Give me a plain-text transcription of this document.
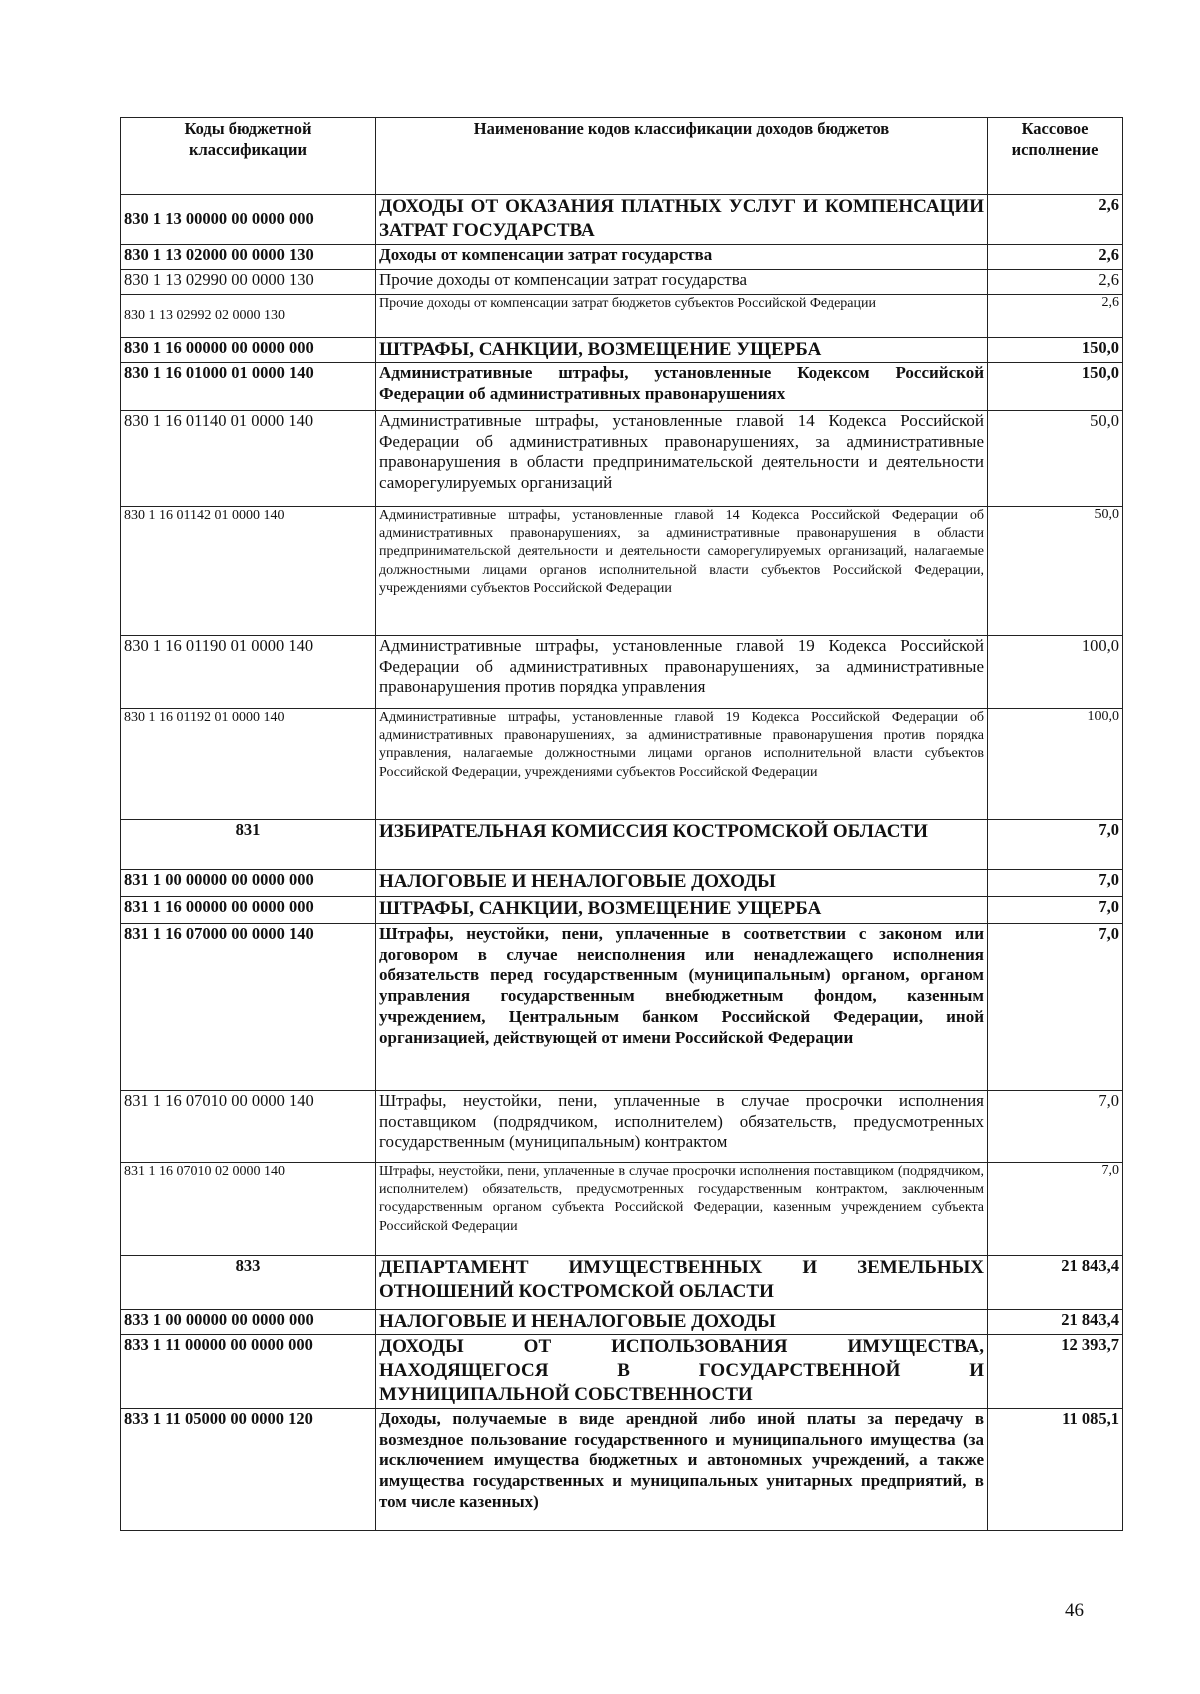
Коды бюджетной классификации	Наименование кодов классификации доходов бюджетов	Кассовое исполнение
830 1 13 00000 00 0000 000	ДОХОДЫ ОТ ОКАЗАНИЯ ПЛАТНЫХ УСЛУГ И КОМПЕНСАЦИИ ЗАТРАТ ГОСУДАРСТВА	2,6
830 1 13 02000 00 0000 130	Доходы от компенсации затрат государства	2,6
830 1 13 02990 00 0000 130	Прочие доходы от компенсации затрат государства	2,6
830 1 13 02992 02 0000 130	Прочие доходы от компенсации затрат бюджетов субъектов Российской Федерации	2,6
830 1 16 00000 00 0000 000	ШТРАФЫ, САНКЦИИ, ВОЗМЕЩЕНИЕ УЩЕРБА	150,0
830 1 16 01000 01 0000 140	Административные штрафы, установленные Кодексом Российской Федерации об административных правонарушениях	150,0
830 1 16 01140 01 0000 140	Административные штрафы, установленные главой 14 Кодекса Российской Федерации об административных правонарушениях, за административные правонарушения в области предпринимательской деятельности и деятельности саморегулируемых организаций	50,0
830 1 16 01142 01 0000 140	Административные штрафы, установленные главой 14 Кодекса Российской Федерации об административных правонарушениях, за административные правонарушения в области предпринимательской деятельности и деятельности саморегулируемых организаций, налагаемые должностными лицами органов исполнительной власти субъектов Российской Федерации, учреждениями субъектов Российской Федерации	50,0
830 1 16 01190 01 0000 140	Административные штрафы, установленные главой 19 Кодекса Российской Федерации об административных правонарушениях, за административные правонарушения против порядка управления	100,0
830 1 16 01192 01 0000 140	Административные штрафы, установленные главой 19 Кодекса Российской Федерации об административных правонарушениях, за административные правонарушения против порядка управления, налагаемые должностными лицами органов исполнительной власти субъектов Российской Федерации, учреждениями субъектов Российской Федерации	100,0
831	ИЗБИРАТЕЛЬНАЯ КОМИССИЯ КОСТРОМСКОЙ ОБЛАСТИ	7,0
831 1 00 00000 00 0000 000	НАЛОГОВЫЕ И НЕНАЛОГОВЫЕ ДОХОДЫ	7,0
831 1 16 00000 00 0000 000	ШТРАФЫ, САНКЦИИ, ВОЗМЕЩЕНИЕ УЩЕРБА	7,0
831 1 16 07000 00 0000 140	Штрафы, неустойки, пени, уплаченные в соответствии с законом или договором в случае неисполнения или ненадлежащего исполнения обязательств перед государственным (муниципальным) органом, органом управления государственным внебюджетным фондом, казенным учреждением, Центральным банком Российской Федерации, иной организацией, действующей от имени Российской Федерации	7,0
831 1 16 07010 00 0000 140	Штрафы, неустойки, пени, уплаченные в случае просрочки исполнения поставщиком (подрядчиком, исполнителем) обязательств, предусмотренных государственным (муниципальным) контрактом	7,0
831 1 16 07010 02 0000 140	Штрафы, неустойки, пени, уплаченные в случае просрочки исполнения поставщиком (подрядчиком, исполнителем) обязательств, предусмотренных государственным контрактом, заключенным государственным органом субъекта Российской Федерации, казенным учреждением субъекта Российской Федерации	7,0
833	ДЕПАРТАМЕНТ ИМУЩЕСТВЕННЫХ И ЗЕМЕЛЬНЫХ ОТНОШЕНИЙ КОСТРОМСКОЙ ОБЛАСТИ	21 843,4
833 1 00 00000 00 0000 000	НАЛОГОВЫЕ И НЕНАЛОГОВЫЕ ДОХОДЫ	21 843,4
833 1 11 00000 00 0000 000	ДОХОДЫ ОТ ИСПОЛЬЗОВАНИЯ ИМУЩЕСТВА, НАХОДЯЩЕГОСЯ В ГОСУДАРСТВЕННОЙ И МУНИЦИПАЛЬНОЙ СОБСТВЕННОСТИ	12 393,7
833 1 11 05000 00 0000 120	Доходы, получаемые в виде арендной либо иной платы за передачу в возмездное пользование государственного и муниципального имущества (за исключением имущества бюджетных и автономных учреждений, а также имущества государственных и муниципальных унитарных предприятий, в том числе казенных)	11 085,1
46
